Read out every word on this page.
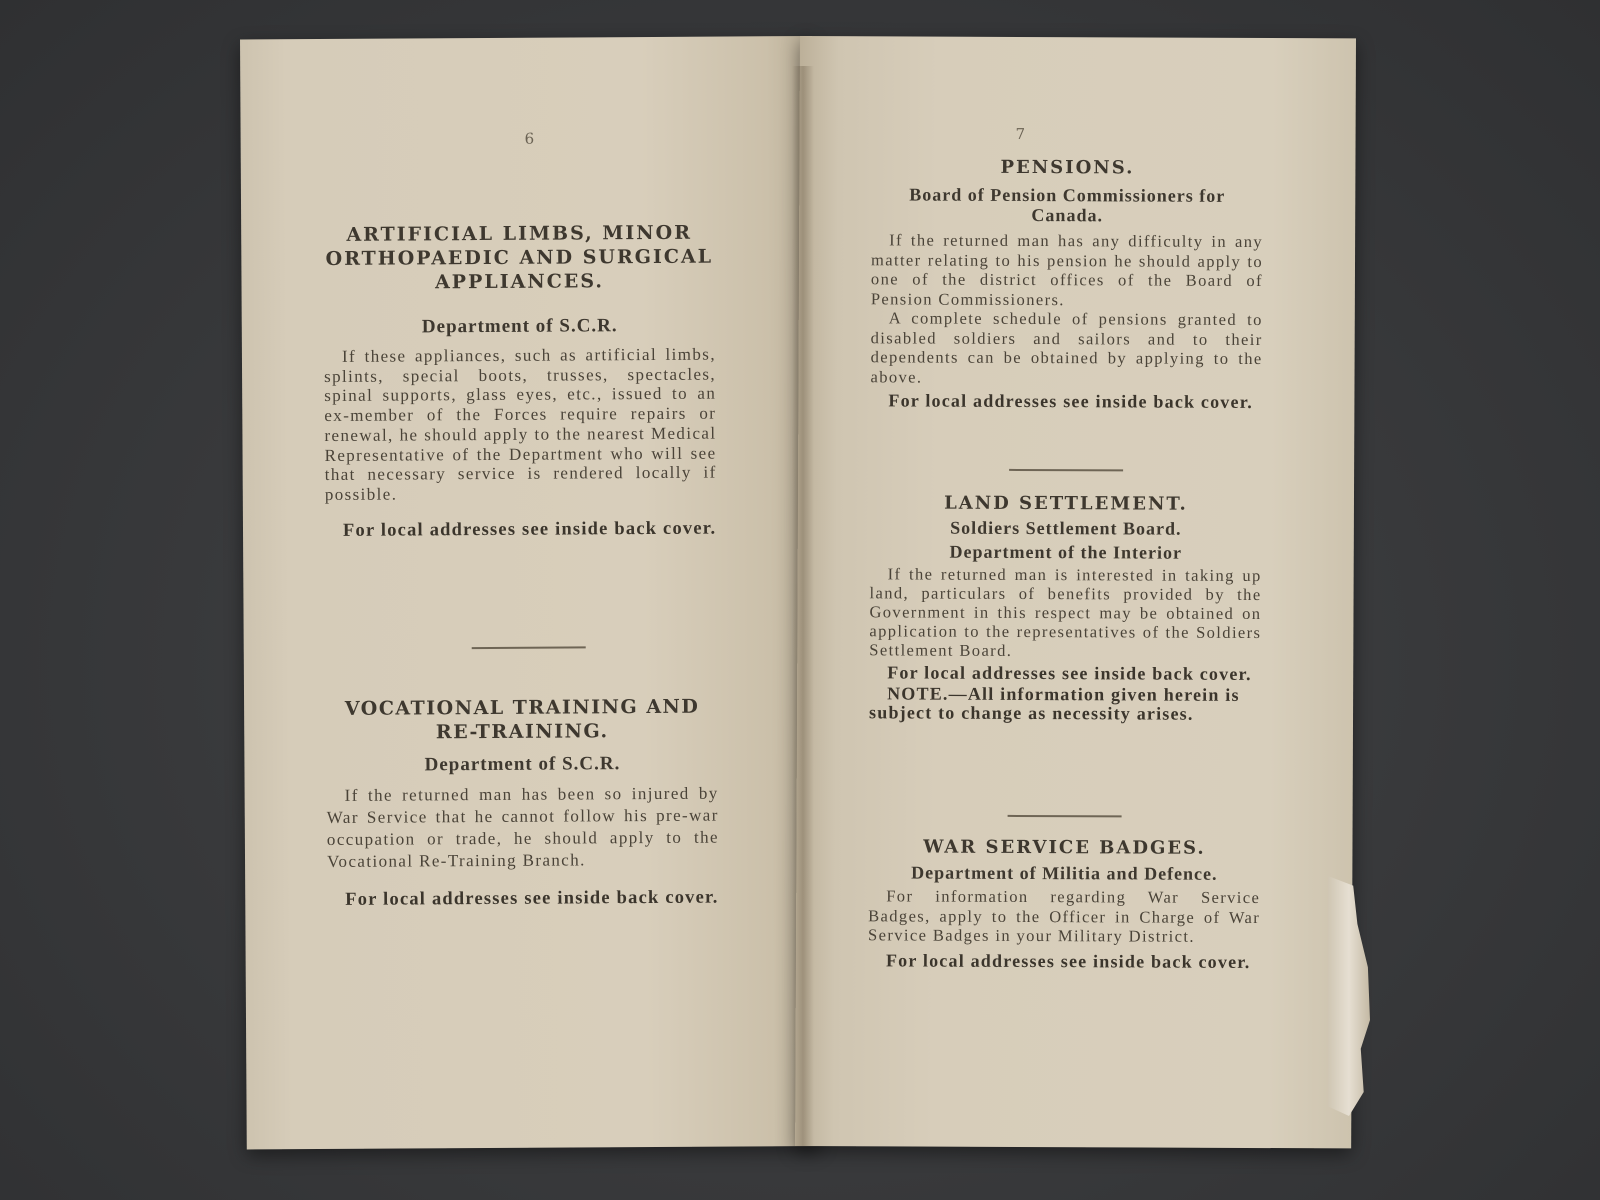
6

ARTIFICIAL LIMBS, MINOR ORTHOPAEDIC AND SURGICAL APPLIANCES.

Department of S.C.R.

If these appliances, such as artificial limbs, splints, special boots, trusses, spectacles, spinal supports, glass eyes, etc., issued to an ex-member of the Forces require repairs or renewal, he should apply to the nearest Medical Representative of the Department who will see that necessary service is rendered locally if possible.

For local addresses see inside back cover.

VOCATIONAL TRAINING AND RE-TRAINING.

Department of S.C.R.

If the returned man has been so injured by War Service that he cannot follow his pre-war occupation or trade, he should apply to the Vocational Re-Training Branch.

For local addresses see inside back cover.

7

PENSIONS.

Board of Pension Commissioners for Canada.

If the returned man has any difficulty in any matter relating to his pension he should apply to one of the district offices of the Board of Pension Commissioners.

A complete schedule of pensions granted to disabled soldiers and sailors and to their dependents can be obtained by applying to the above.

For local addresses see inside back cover.

LAND SETTLEMENT.

Soldiers Settlement Board.

Department of the Interior

If the returned man is interested in taking up land, particulars of benefits provided by the Government in this respect may be obtained on application to the representatives of the Soldiers Settlement Board.

For local addresses see inside back cover.

NOTE.—All information given herein is subject to change as necessity arises.

WAR SERVICE BADGES.

Department of Militia and Defence.

For information regarding War Service Badges, apply to the Officer in Charge of War Service Badges in your Military District.

For local addresses see inside back cover.
